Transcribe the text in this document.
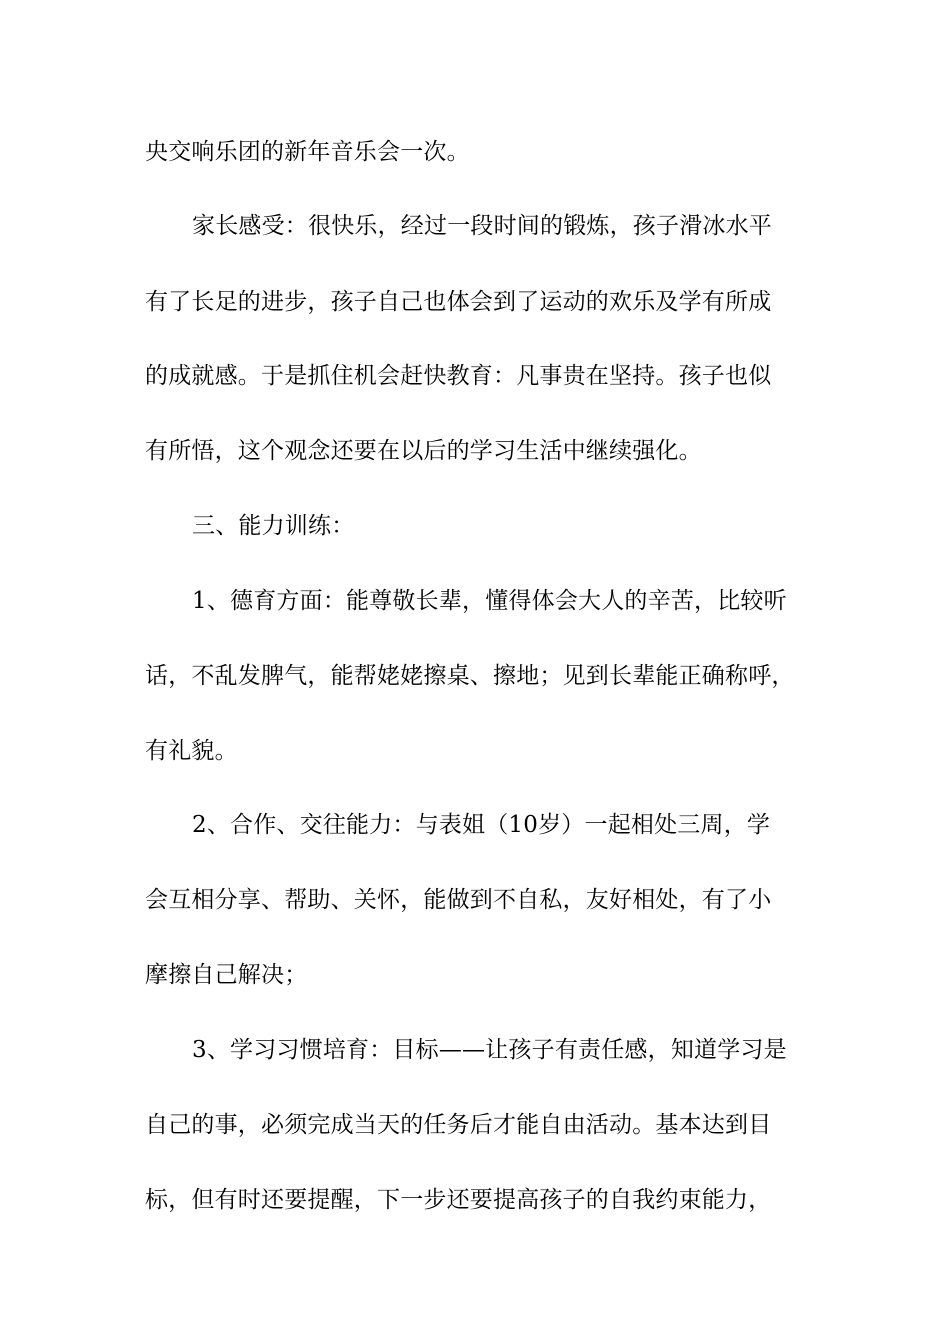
央交响乐团的新年音乐会一次。
家长感受：很快乐，经过一段时间的锻炼，孩子滑冰水平
有了长足的进步，孩子自己也体会到了运动的欢乐及学有所成
的成就感。于是抓住机会赶快教育：凡事贵在坚持。孩子也似
有所悟，这个观念还要在以后的学习生活中继续强化。
三、能力训练：
1、德育方面：能尊敬长辈，懂得体会大人的辛苦，比较听
话，不乱发脾气，能帮姥姥擦桌、擦地；见到长辈能正确称呼，
有礼貌。
2、合作、交往能力：与表姐（10岁）一起相处三周，学
会互相分享、帮助、关怀，能做到不自私，友好相处，有了小
摩擦自己解决；
3、学习习惯培育：目标——让孩子有责任感，知道学习是
自己的事，必须完成当天的任务后才能自由活动。基本达到目
标，但有时还要提醒，下一步还要提高孩子的自我约束能力，
